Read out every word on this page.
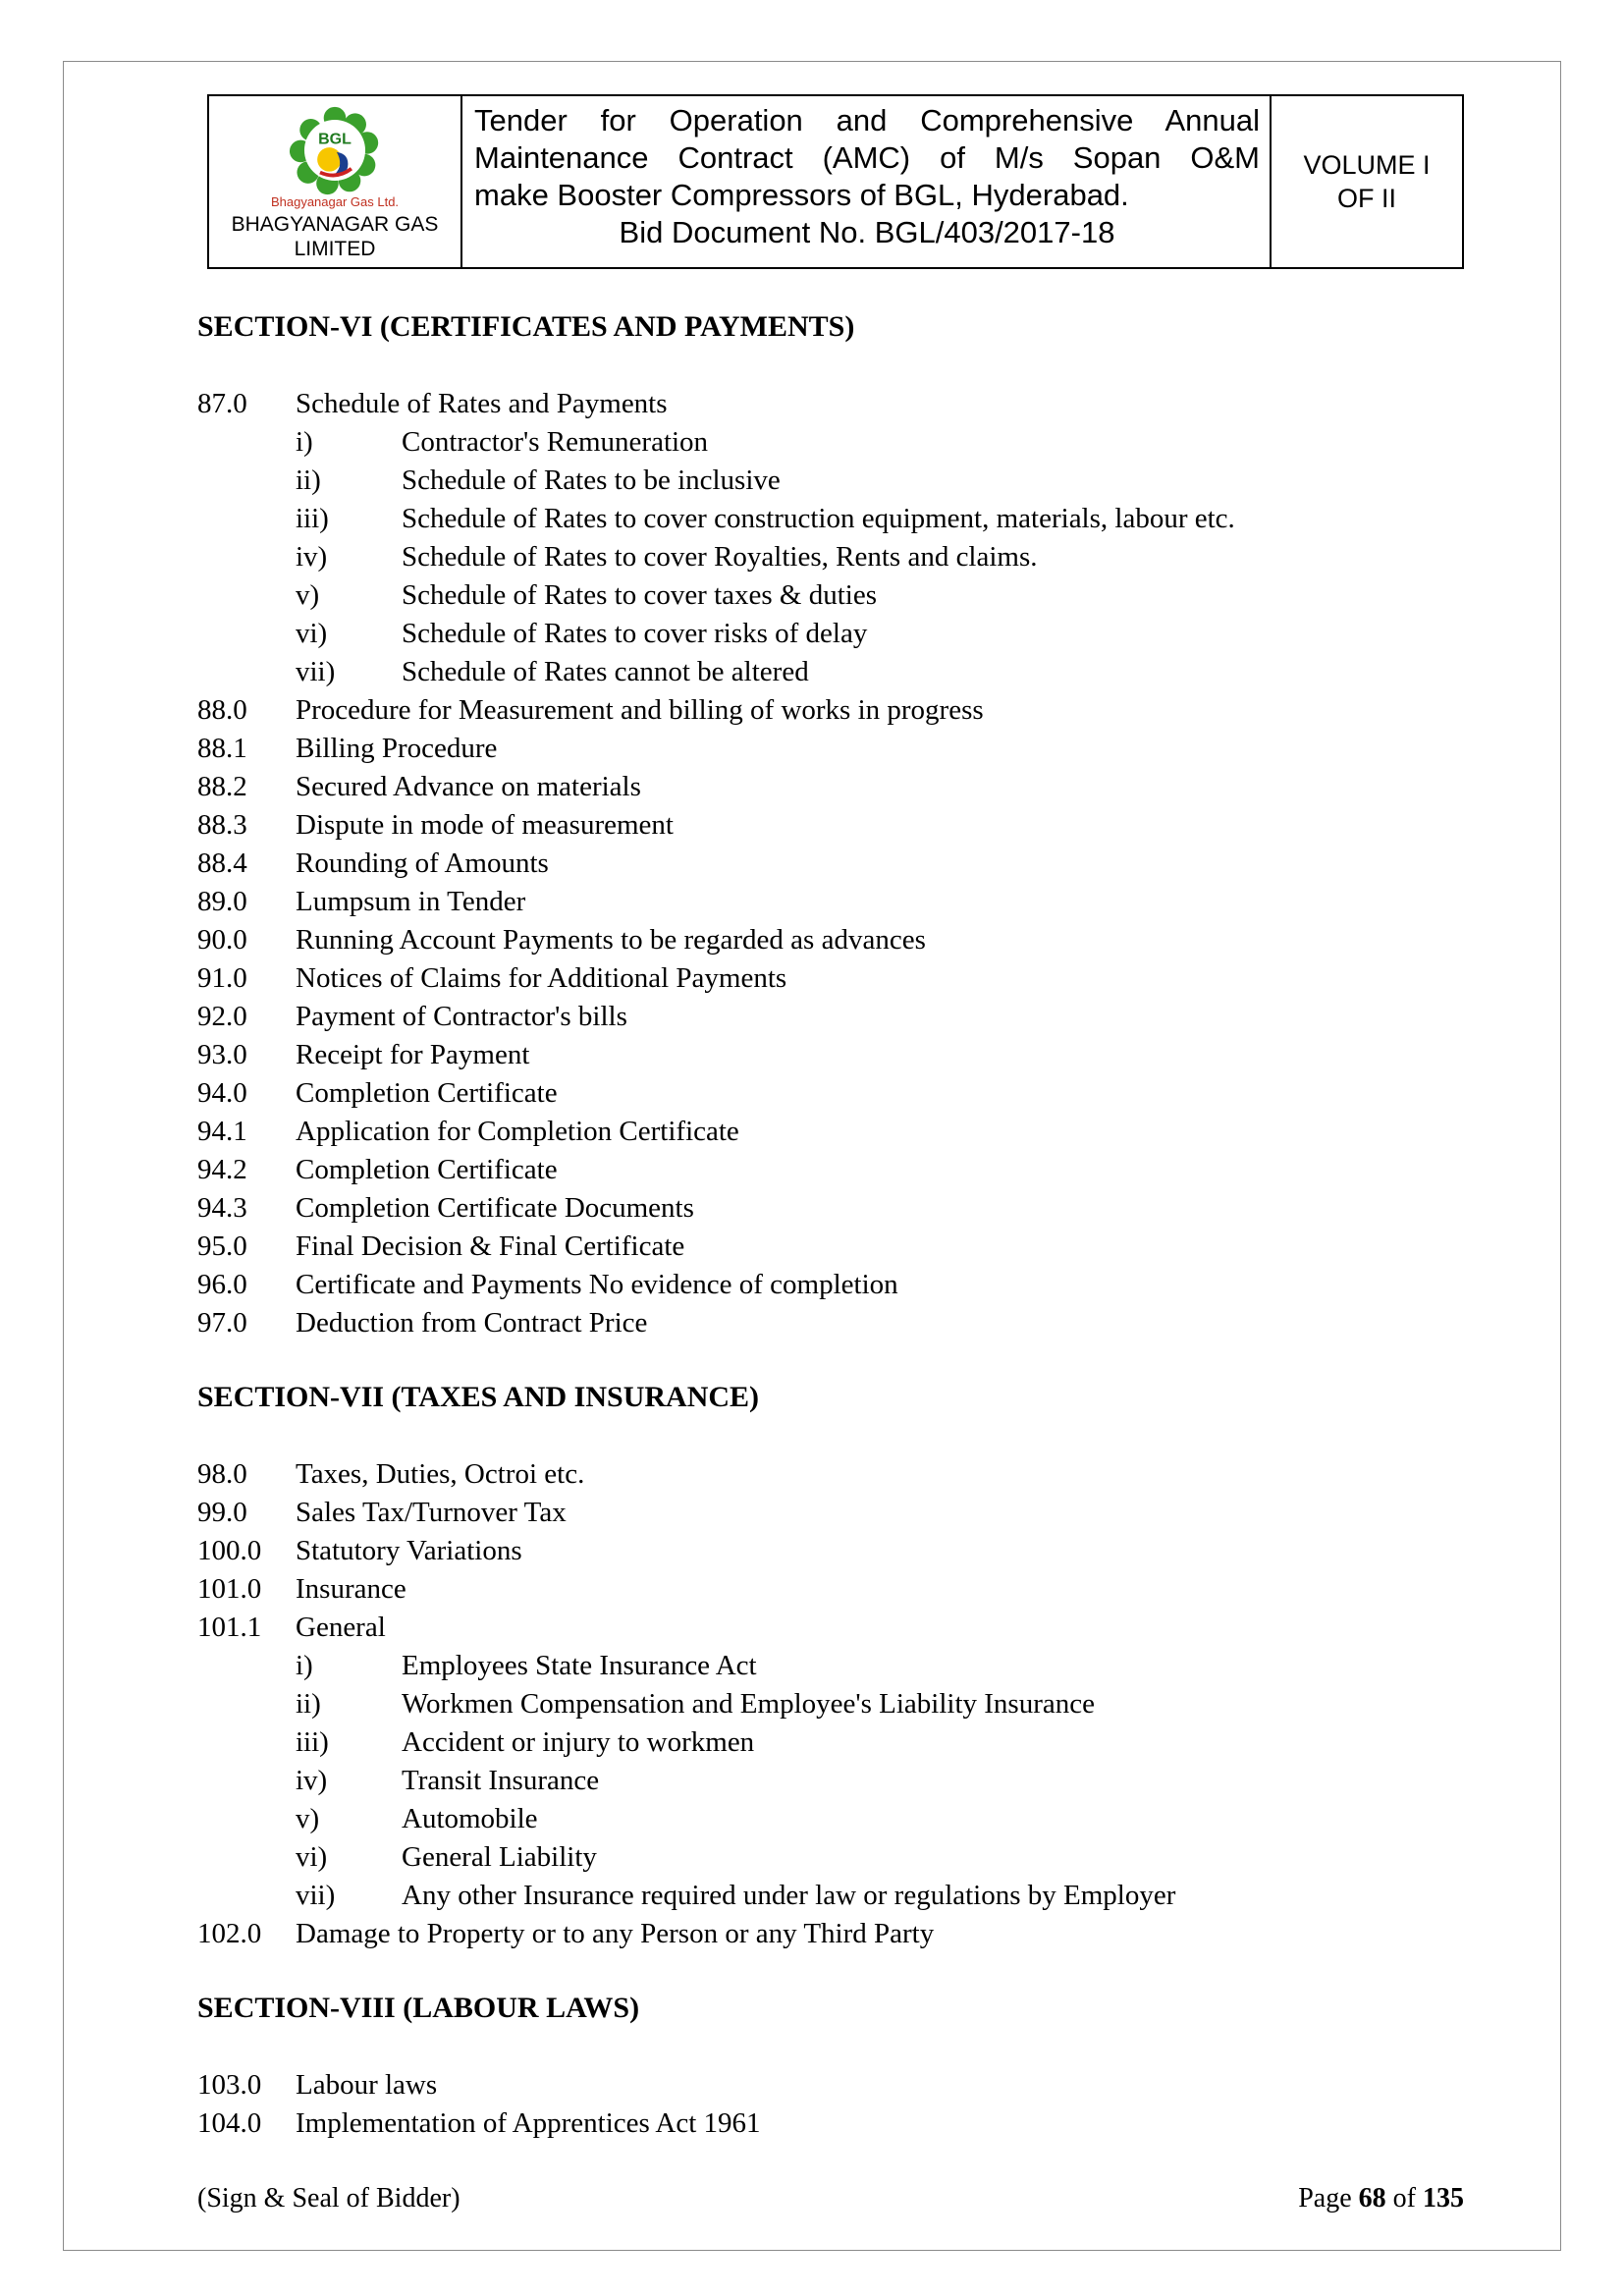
BGL
Bhagyanagar Gas Ltd.
BHAGYANAGAR GAS
LIMITED
Tender for Operation and Comprehensive Annual
Maintenance Contract (AMC) of M/s Sopan O&M
make Booster Compressors of BGL, Hyderabad.
Bid Document No. BGL/403/2017-18
VOLUME I
OF II
SECTION-VI (CERTIFICATES AND PAYMENTS)
87.0	Schedule of Rates and Payments
i)	Contractor's Remuneration
ii)	Schedule of Rates to be inclusive
iii)	Schedule of Rates to cover construction equipment, materials, labour etc.
iv)	Schedule of Rates to cover Royalties, Rents and claims.
v)	Schedule of Rates to cover taxes & duties
vi)	Schedule of Rates to cover risks of delay
vii)	Schedule of Rates cannot be altered
88.0	Procedure for Measurement and billing of works in progress
88.1	Billing Procedure
88.2	Secured Advance on materials
88.3	Dispute in mode of measurement
88.4	Rounding of Amounts
89.0	Lumpsum in Tender
90.0	Running Account Payments to be regarded as advances
91.0	Notices of Claims for Additional Payments
92.0	Payment of Contractor's bills
93.0	Receipt for Payment
94.0	Completion Certificate
94.1	Application for Completion Certificate
94.2	Completion Certificate
94.3	Completion Certificate Documents
95.0	Final Decision & Final Certificate
96.0	Certificate and Payments No evidence of completion
97.0	Deduction from Contract Price
SECTION-VII (TAXES AND INSURANCE)
98.0	Taxes, Duties, Octroi etc.
99.0	Sales Tax/Turnover Tax
100.0	Statutory Variations
101.0	Insurance
101.1	General
i)	Employees State Insurance Act
ii)	Workmen Compensation and Employee's Liability Insurance
iii)	Accident or injury to workmen
iv)	Transit Insurance
v)	Automobile
vi)	General Liability
vii)	Any other Insurance required under law or regulations by Employer
102.0	Damage to Property or to any Person or any Third Party
SECTION-VIII (LABOUR LAWS)
103.0	Labour laws
104.0	Implementation of Apprentices Act 1961
(Sign & Seal of Bidder)	Page 68 of 135
